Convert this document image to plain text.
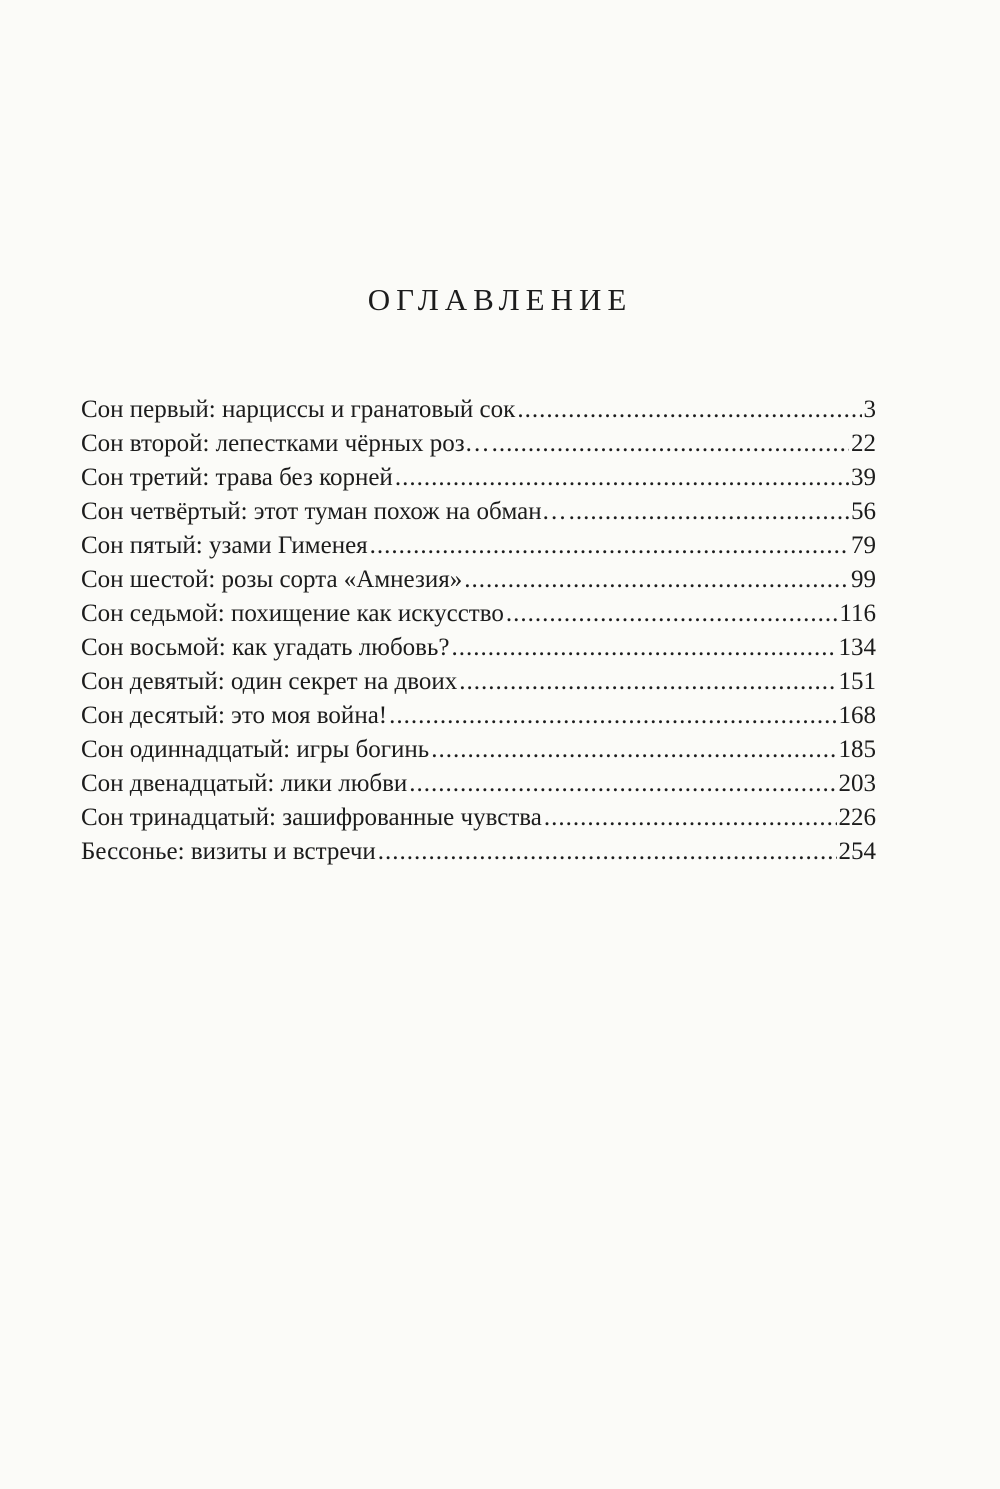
ОГЛАВЛЕНИЕ
Сон первый: нарциссы и гранатовый сок .....	3
Сон второй: лепестками чёрных роз… .....	22
Сон третий: трава без корней .....	39
Сон четвёртый: этот туман похож на обман… .....	56
Сон пятый: узами Гименея .....	79
Сон шестой: розы сорта «Амнезия» .....	99
Сон седьмой: похищение как искусство .....	116
Сон восьмой: как угадать любовь? .....	134
Сон девятый: один секрет на двоих .....	151
Сон десятый: это моя война! .....	168
Сон одиннадцатый: игры богинь .....	185
Сон двенадцатый: лики любви .....	203
Сон тринадцатый: зашифрованные чувства .....	226
Бессонье: визиты и встречи .....	254
